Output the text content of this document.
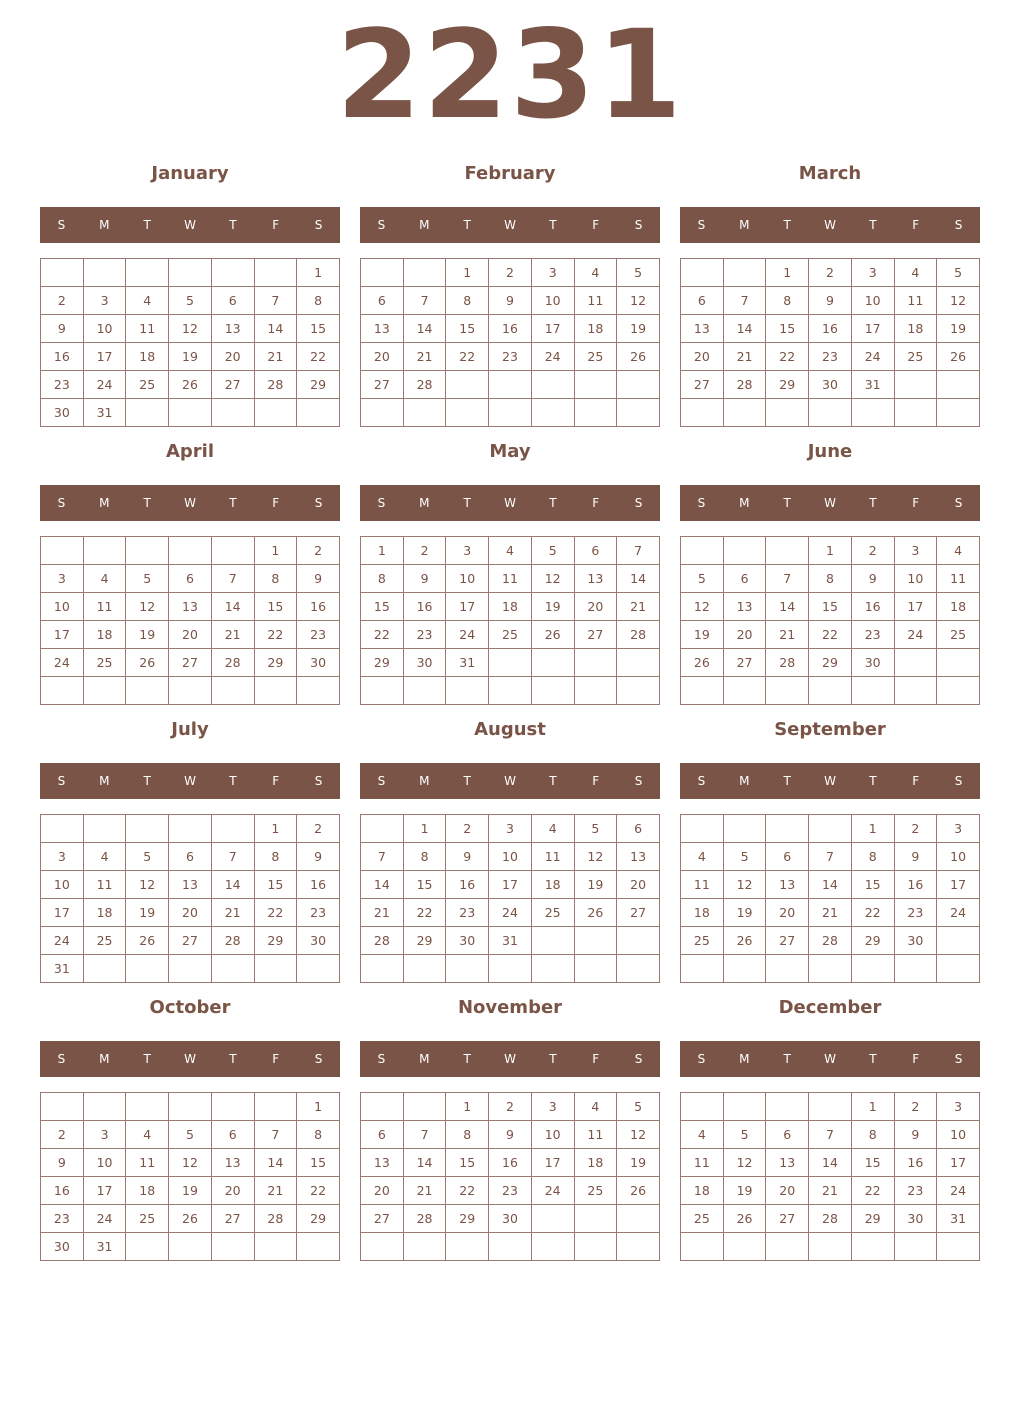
2231
January
S	M	T	W	T	F	S
						1
2	3	4	5	6	7	8
9	10	11	12	13	14	15
16	17	18	19	20	21	22
23	24	25	26	27	28	29
30	31					
February
S	M	T	W	T	F	S
		1	2	3	4	5
6	7	8	9	10	11	12
13	14	15	16	17	18	19
20	21	22	23	24	25	26
27	28					

March
S	M	T	W	T	F	S
		1	2	3	4	5
6	7	8	9	10	11	12
13	14	15	16	17	18	19
20	21	22	23	24	25	26
27	28	29	30	31		

April
S	M	T	W	T	F	S
					1	2
3	4	5	6	7	8	9
10	11	12	13	14	15	16
17	18	19	20	21	22	23
24	25	26	27	28	29	30

May
S	M	T	W	T	F	S
1	2	3	4	5	6	7
8	9	10	11	12	13	14
15	16	17	18	19	20	21
22	23	24	25	26	27	28
29	30	31				

June
S	M	T	W	T	F	S
			1	2	3	4
5	6	7	8	9	10	11
12	13	14	15	16	17	18
19	20	21	22	23	24	25
26	27	28	29	30		

July
S	M	T	W	T	F	S
					1	2
3	4	5	6	7	8	9
10	11	12	13	14	15	16
17	18	19	20	21	22	23
24	25	26	27	28	29	30
31						
August
S	M	T	W	T	F	S
	1	2	3	4	5	6
7	8	9	10	11	12	13
14	15	16	17	18	19	20
21	22	23	24	25	26	27
28	29	30	31			

September
S	M	T	W	T	F	S
				1	2	3
4	5	6	7	8	9	10
11	12	13	14	15	16	17
18	19	20	21	22	23	24
25	26	27	28	29	30	

October
S	M	T	W	T	F	S
						1
2	3	4	5	6	7	8
9	10	11	12	13	14	15
16	17	18	19	20	21	22
23	24	25	26	27	28	29
30	31					
November
S	M	T	W	T	F	S
		1	2	3	4	5
6	7	8	9	10	11	12
13	14	15	16	17	18	19
20	21	22	23	24	25	26
27	28	29	30			

December
S	M	T	W	T	F	S
				1	2	3
4	5	6	7	8	9	10
11	12	13	14	15	16	17
18	19	20	21	22	23	24
25	26	27	28	29	30	31
